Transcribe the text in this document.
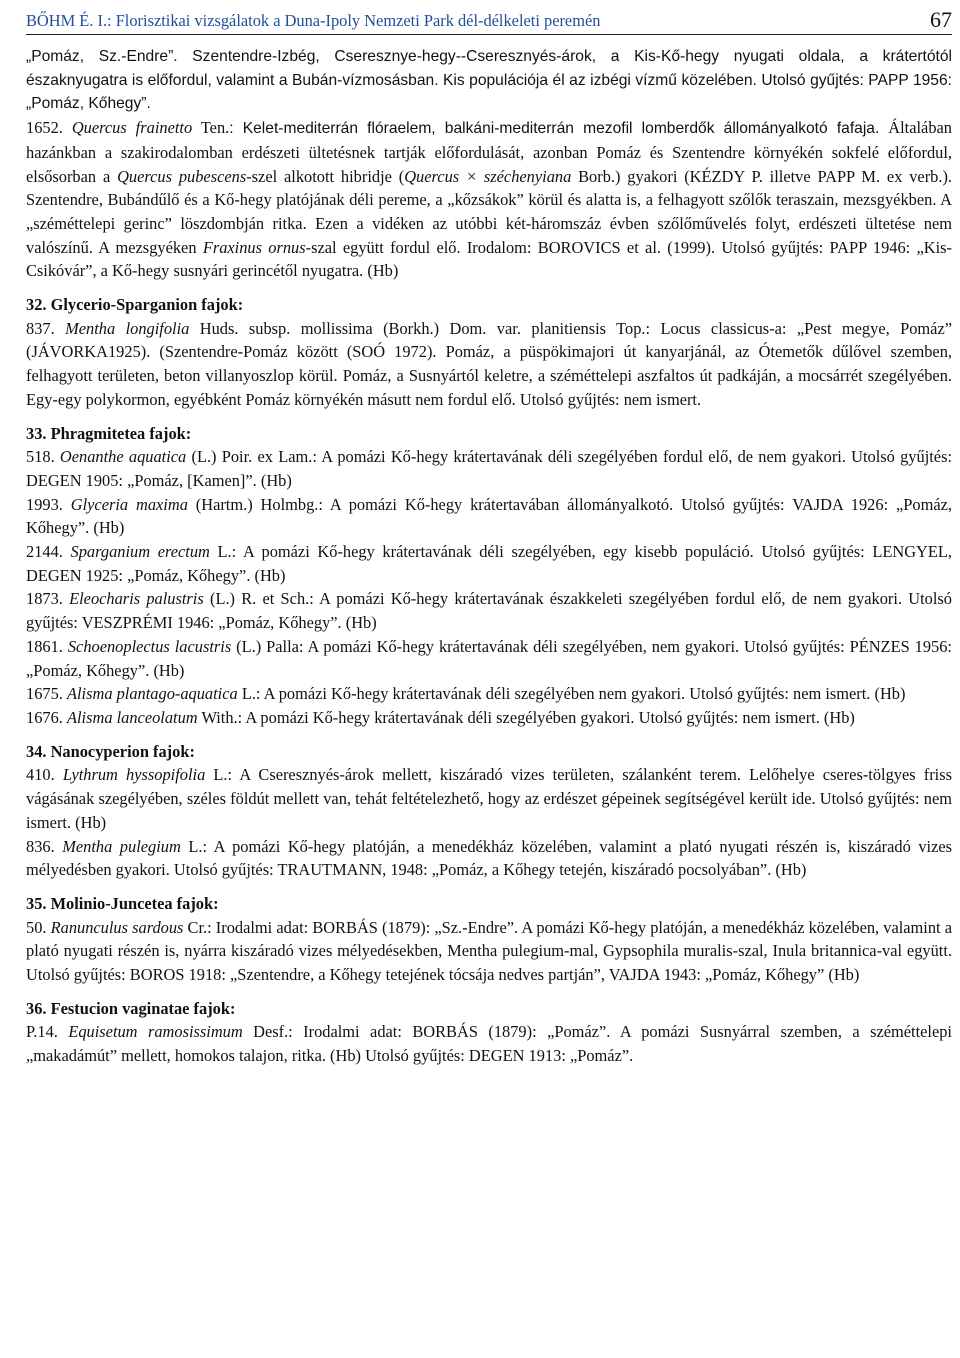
BŐHM É. I.: Florisztikai vizsgálatok a Duna-Ipoly Nemzeti Park dél-délkeleti peremén	67

„Pomáz, Sz.-Endre”. Szentendre-Izbég, Cseresznye-hegy--Cseresznyés-árok, a Kis-Kő-hegy nyugati oldala, a krátertótól északnyugatra is előfordul, valamint a Bubán-vízmosásban. Kis populációja él az izbégi vízmű közelében. Utolsó gyűjtés: PAPP 1956: „Pomáz, Kőhegy”.

1652. Quercus frainetto Ten.: Kelet-mediterrán flóraelem, balkáni-mediterrán mezofil lomberdők állományalkotó fafaja. Általában hazánkban a szakirodalomban erdészeti ültetésnek tartják előfordulását, azonban Pomáz és Szentendre környékén sokfelé előfordul, elsősorban a Quercus pubescens-szel alkotott hibridje (Quercus × széchenyiana Borb.) gyakori (KÉZDY P. illetve PAPP M. ex verb.). Szentendre, Bubándűlő és a Kő-hegy platójának déli pereme, a „kőzsákok” körül és alatta is, a felhagyott szőlők teraszain, mezsgyékben. A „széméttelepi gerinc” löszdombján ritka. Ezen a vidéken az utóbbi két-háromszáz évben szőlőművelés folyt, erdészeti ültetése nem valószínű. A mezsgyéken Fraxinus ornus-szal együtt fordul elő. Irodalom: BOROVICS et al. (1999). Utolsó gyűjtés: PAPP 1946: „Kis-Csikóvár”, a Kő-hegy susnyári gerincétől nyugatra. (Hb)

32. Glycerio-Sparganion fajok:

837. Mentha longifolia Huds. subsp. mollissima (Borkh.) Dom. var. planitiensis Top.: Locus classicus-a: „Pest megye, Pomáz” (JÁVORKA1925). (Szentendre-Pomáz között (SOÓ 1972). Pomáz, a püspökimajori út kanyarjánál, az Ótemetők dűlővel szemben, felhagyott területen, beton villanyoszlop körül. Pomáz, a Susnyártól keletre, a széméttelepi aszfaltos út padkáján, a mocsárrét szegélyében. Egy-egy polykormon, egyébként Pomáz környékén másutt nem fordul elő. Utolsó gyűjtés: nem ismert.

33. Phragmitetea fajok:

518. Oenanthe aquatica (L.) Poir. ex Lam.: A pomázi Kő-hegy krátertavának déli szegélyében fordul elő, de nem gyakori. Utolsó gyűjtés: DEGEN 1905: „Pomáz, [Kamen]”. (Hb)

1993. Glyceria maxima (Hartm.) Holmbg.: A pomázi Kő-hegy krátertavában állományalkotó. Utolsó gyűjtés: VAJDA 1926: „Pomáz, Kőhegy”. (Hb)

2144. Sparganium erectum L.: A pomázi Kő-hegy krátertavának déli szegélyében, egy kisebb populáció. Utolsó gyűjtés: LENGYEL, DEGEN 1925: „Pomáz, Kőhegy”. (Hb)

1873. Eleocharis palustris (L.) R. et Sch.: A pomázi Kő-hegy krátertavának északkeleti szegélyében fordul elő, de nem gyakori. Utolsó gyűjtés: VESZPRÉMI 1946: „Pomáz, Kőhegy”. (Hb)

1861. Schoenoplectus lacustris (L.) Palla: A pomázi Kő-hegy krátertavának déli szegélyében, nem gyakori. Utolsó gyűjtés: PÉNZES 1956: „Pomáz, Kőhegy”. (Hb)

1675. Alisma plantago-aquatica L.: A pomázi Kő-hegy krátertavának déli szegélyében nem gyakori. Utolsó gyűjtés: nem ismert. (Hb)

1676. Alisma lanceolatum With.: A pomázi Kő-hegy krátertavának déli szegélyében gyakori. Utolsó gyűjtés: nem ismert. (Hb)

34. Nanocyperion fajok:

410. Lythrum hyssopifolia L.: A Cseresznyés-árok mellett, kiszáradó vizes területen, szálanként terem. Lelőhelye cseres-tölgyes friss vágásának szegélyében, széles földút mellett van, tehát feltételezhető, hogy az erdészet gépeinek segítségével került ide. Utolsó gyűjtés: nem ismert. (Hb)

836. Mentha pulegium L.: A pomázi Kő-hegy platóján, a menedékház közelében, valamint a plató nyugati részén is, kiszáradó vizes mélyedésben gyakori. Utolsó gyűjtés: TRAUTMANN, 1948: „Pomáz, a Kőhegy tetején, kiszáradó pocsolyában”. (Hb)

35. Molinio-Juncetea fajok:

50. Ranunculus sardous Cr.: Irodalmi adat: BORBÁS (1879): „Sz.-Endre”. A pomázi Kő-hegy platóján, a menedékház közelében, valamint a plató nyugati részén is, nyárra kiszáradó vizes mélyedésekben, Mentha pulegium-mal, Gypsophila muralis-szal, Inula britannica-val együtt. Utolsó gyűjtés: BOROS 1918: „Szentendre, a Kőhegy tetejének tócsája nedves partján”, VAJDA 1943: „Pomáz, Kőhegy” (Hb)

36. Festucion vaginatae fajok:

P.14. Equisetum ramosissimum Desf.: Irodalmi adat: BORBÁS (1879): „Pomáz”. A pomázi Susnyárral szemben, a széméttelepi „makadámút” mellett, homokos talajon, ritka. (Hb) Utolsó gyűjtés: DEGEN 1913: „Pomáz”.
